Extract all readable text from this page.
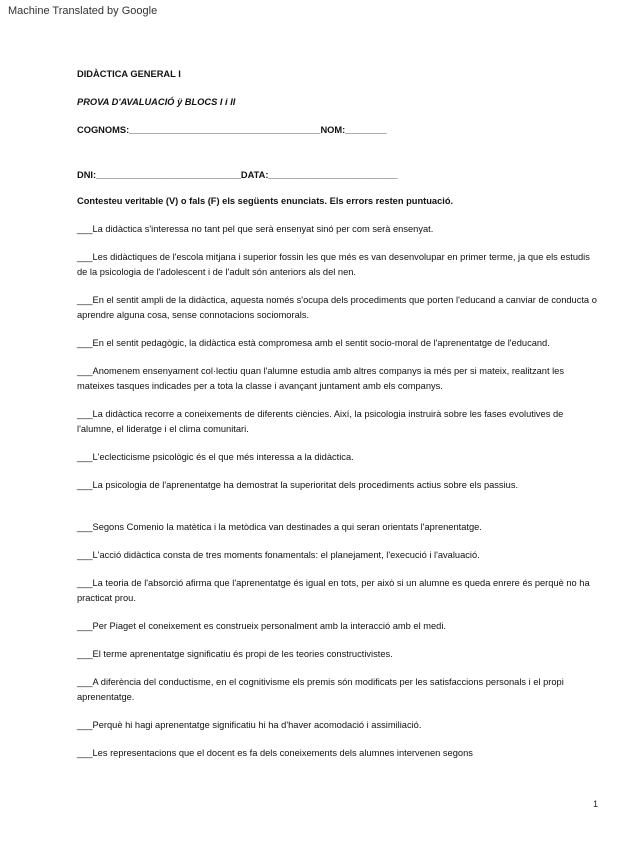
Machine Translated by Google
DIDÀCTICA GENERAL I
PROVA D'AVALUACIÓ ÿ BLOCS I i II
COGNOMS:_____________________________________NOM:________
DNI:____________________________DATA:_________________________
Contesteu veritable (V) o fals (F) els següents enunciats. Els errors resten puntuació.
___La didàctica s'interessa no tant pel que serà ensenyat sinó per com serà ensenyat.
___Les didàctiques de l'escola mitjana i superior fossin les que més es van desenvolupar en primer terme, ja que els estudis de la psicologia de l'adolescent i de l'adult són anteriors als del nen.
___En el sentit ampli de la didàctica, aquesta només s'ocupa dels procediments que porten l'educand a canviar de conducta o aprendre alguna cosa, sense connotacions sociomorals.
___En el sentit pedagògic, la didàctica està compromesa amb el sentit socio-moral de l'aprenentatge de l'educand.
___Anomenem ensenyament col·lectiu quan l'alumne estudia amb altres companys ia més per si mateix, realitzant les mateixes tasques indicades per a tota la classe i avançant juntament amb els companys.
___La didàctica recorre a coneixements de diferents ciències. Així, la psicologia instruirà sobre les fases evolutives de l'alumne, el lideratge i el clima comunitari.
___L'eclecticisme psicològic és el que més interessa a la didàctica.
___La psicologia de l'aprenentatge ha demostrat la superioritat dels procediments actius sobre els passius.
___Segons Comenio la matètica i la metòdica van destinades a qui seran orientats l'aprenentatge.
___L'acció didàctica consta de tres moments fonamentals: el planejament, l'execució i l'avaluació.
___La teoria de l'absorció afirma que l'aprenentatge és igual en tots, per això si un alumne es queda enrere és perquè no ha practicat prou.
___Per Piaget el coneixement es construeix personalment amb la interacció amb el medi.
___El terme aprenentatge significatiu és propi de les teories constructivistes.
___A diferència del conductisme, en el cognitivisme els premis són modificats per les satisfaccions personals i el propi aprenentatge.
___Perquè hi hagi aprenentatge significatiu hi ha d'haver acomodació i assimiliació.
___Les representacions que el docent es fa dels coneixements dels alumnes intervenen segons
1
